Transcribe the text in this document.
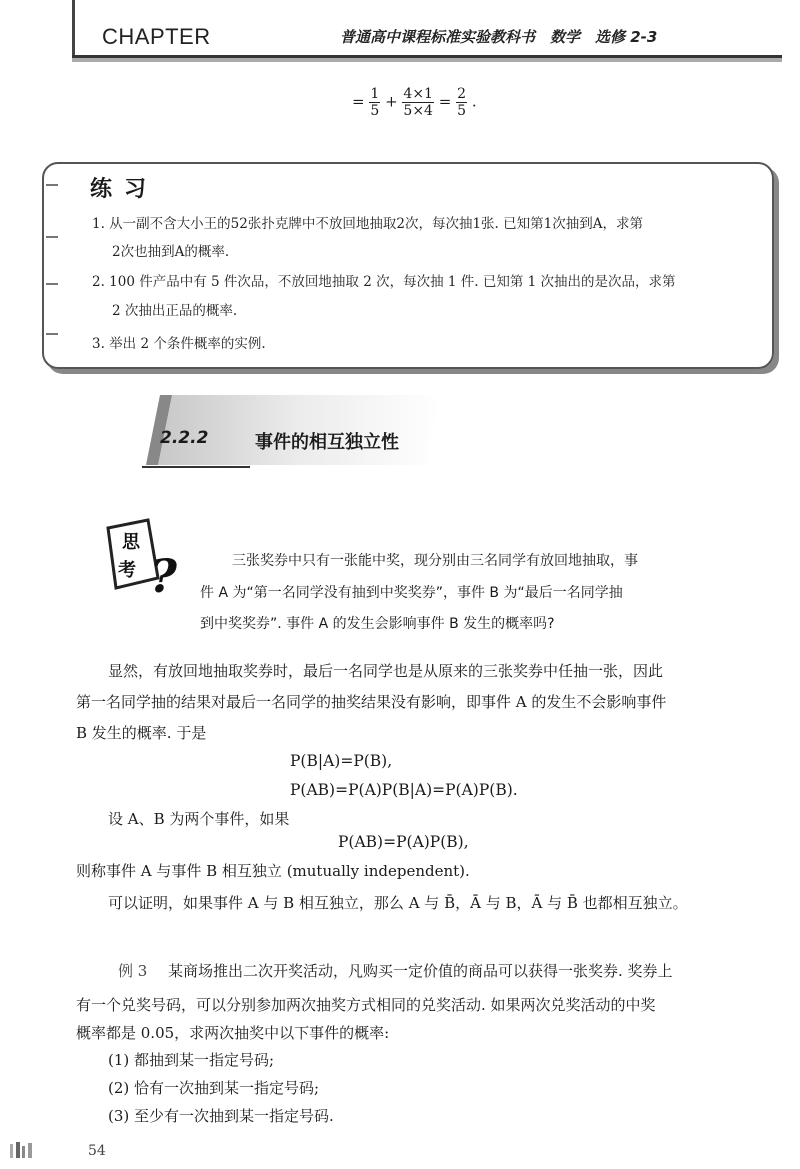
CHAPTER	普通高中课程标准实验教科书　数学　选修 2-3
= $\frac{1}{5} + \frac{4\times 1}{5\times 4} = \frac{2}{5}$ .
练习
1. 从一副不含大小王的52张扑克牌中不放回地抽取2次，每次抽1张. 已知第1次抽到A，求第
2次也抽到A的概率.
2. 100 件产品中有 5 件次品，不放回地抽取 2 次，每次抽 1 件. 已知第 1 次抽出的是次品，求第
2 次抽出正品的概率.
3. 举出 2 个条件概率的实例.
2.2.2	事件的相互独立性
思
考 ?	三张奖券中只有一张能中奖，现分别由三名同学有放回地抽取，事
件 A 为“第一名同学没有抽到中奖奖券”，事件 B 为“最后一名同学抽
到中奖奖券”. 事件 A 的发生会影响事件 B 发生的概率吗?
显然，有放回地抽取奖券时，最后一名同学也是从原来的三张奖券中任抽一张，因此
第一名同学抽的结果对最后一名同学的抽奖结果没有影响，即事件 A 的发生不会影响事件
B 发生的概率. 于是
P(B|A)=P(B),
P(AB)=P(A)P(B|A)=P(A)P(B).
设 A、B 为两个事件，如果
P(AB)=P(A)P(B),
则称事件 A 与事件 B 相互独立 (mutually independent).
可以证明，如果事件 A 与 B 相互独立，那么 A 与 B̄，Ā 与 B，Ā 与 B̄ 也都相互独立。
例 3 某商场推出二次开奖活动，凡购买一定价值的商品可以获得一张奖券. 奖券上
有一个兑奖号码，可以分别参加两次抽奖方式相同的兑奖活动. 如果两次兑奖活动的中奖
概率都是 0.05，求两次抽奖中以下事件的概率:
(1) 都抽到某一指定号码;
(2) 恰有一次抽到某一指定号码;
(3) 至少有一次抽到某一指定号码.
54
